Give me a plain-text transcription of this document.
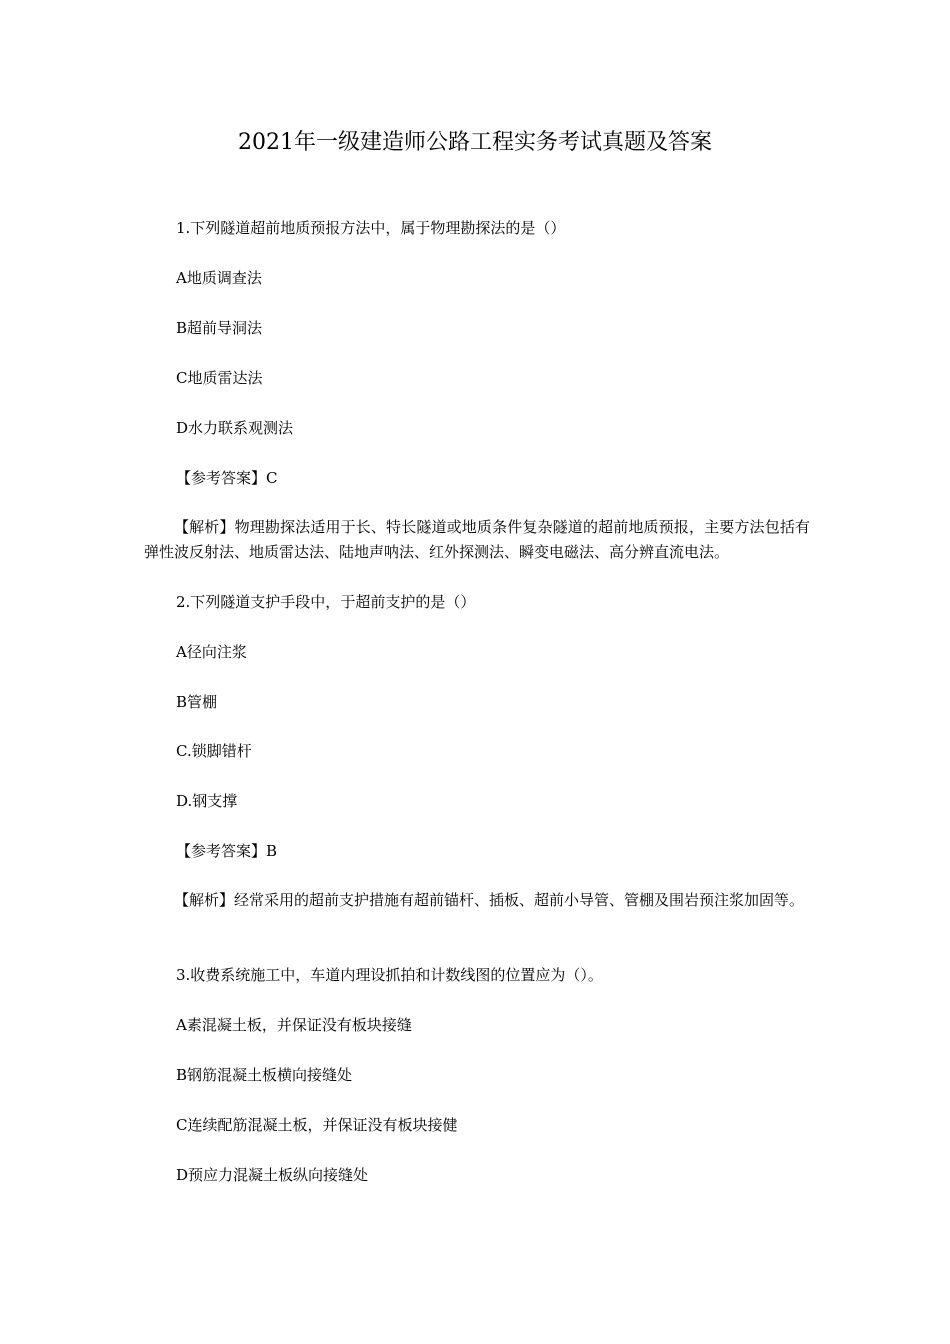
2021年一级建造师公路工程实务考试真题及答案
1.下列隧道超前地质预报方法中，属于物理勘探法的是（）
A地质调查法
B超前导洞法
C地质雷达法
D水力联系观测法
【参考答案】C
【解析】物理勘探法适用于长、特长隧道或地质条件复杂隧道的超前地质预报，主要方法包括有弹性波反射法、地质雷达法、陆地声呐法、红外探测法、瞬变电磁法、高分辨直流电法。
2.下列隧道支护手段中，于超前支护的是（）
A径向注浆
B管棚
C.锁脚错杆
D.钢支撑
【参考答案】B
【解析】经常采用的超前支护措施有超前锚杆、插板、超前小导管、管棚及围岩预注浆加固等。
3.收费系统施工中，车道内理设抓拍和计数线图的位置应为（）。
A素混凝土板，并保证没有板块接缝
B钢筋混凝土板横向接缝处
C连续配筋混凝土板，并保证没有板块接健
D预应力混凝土板纵向接缝处
